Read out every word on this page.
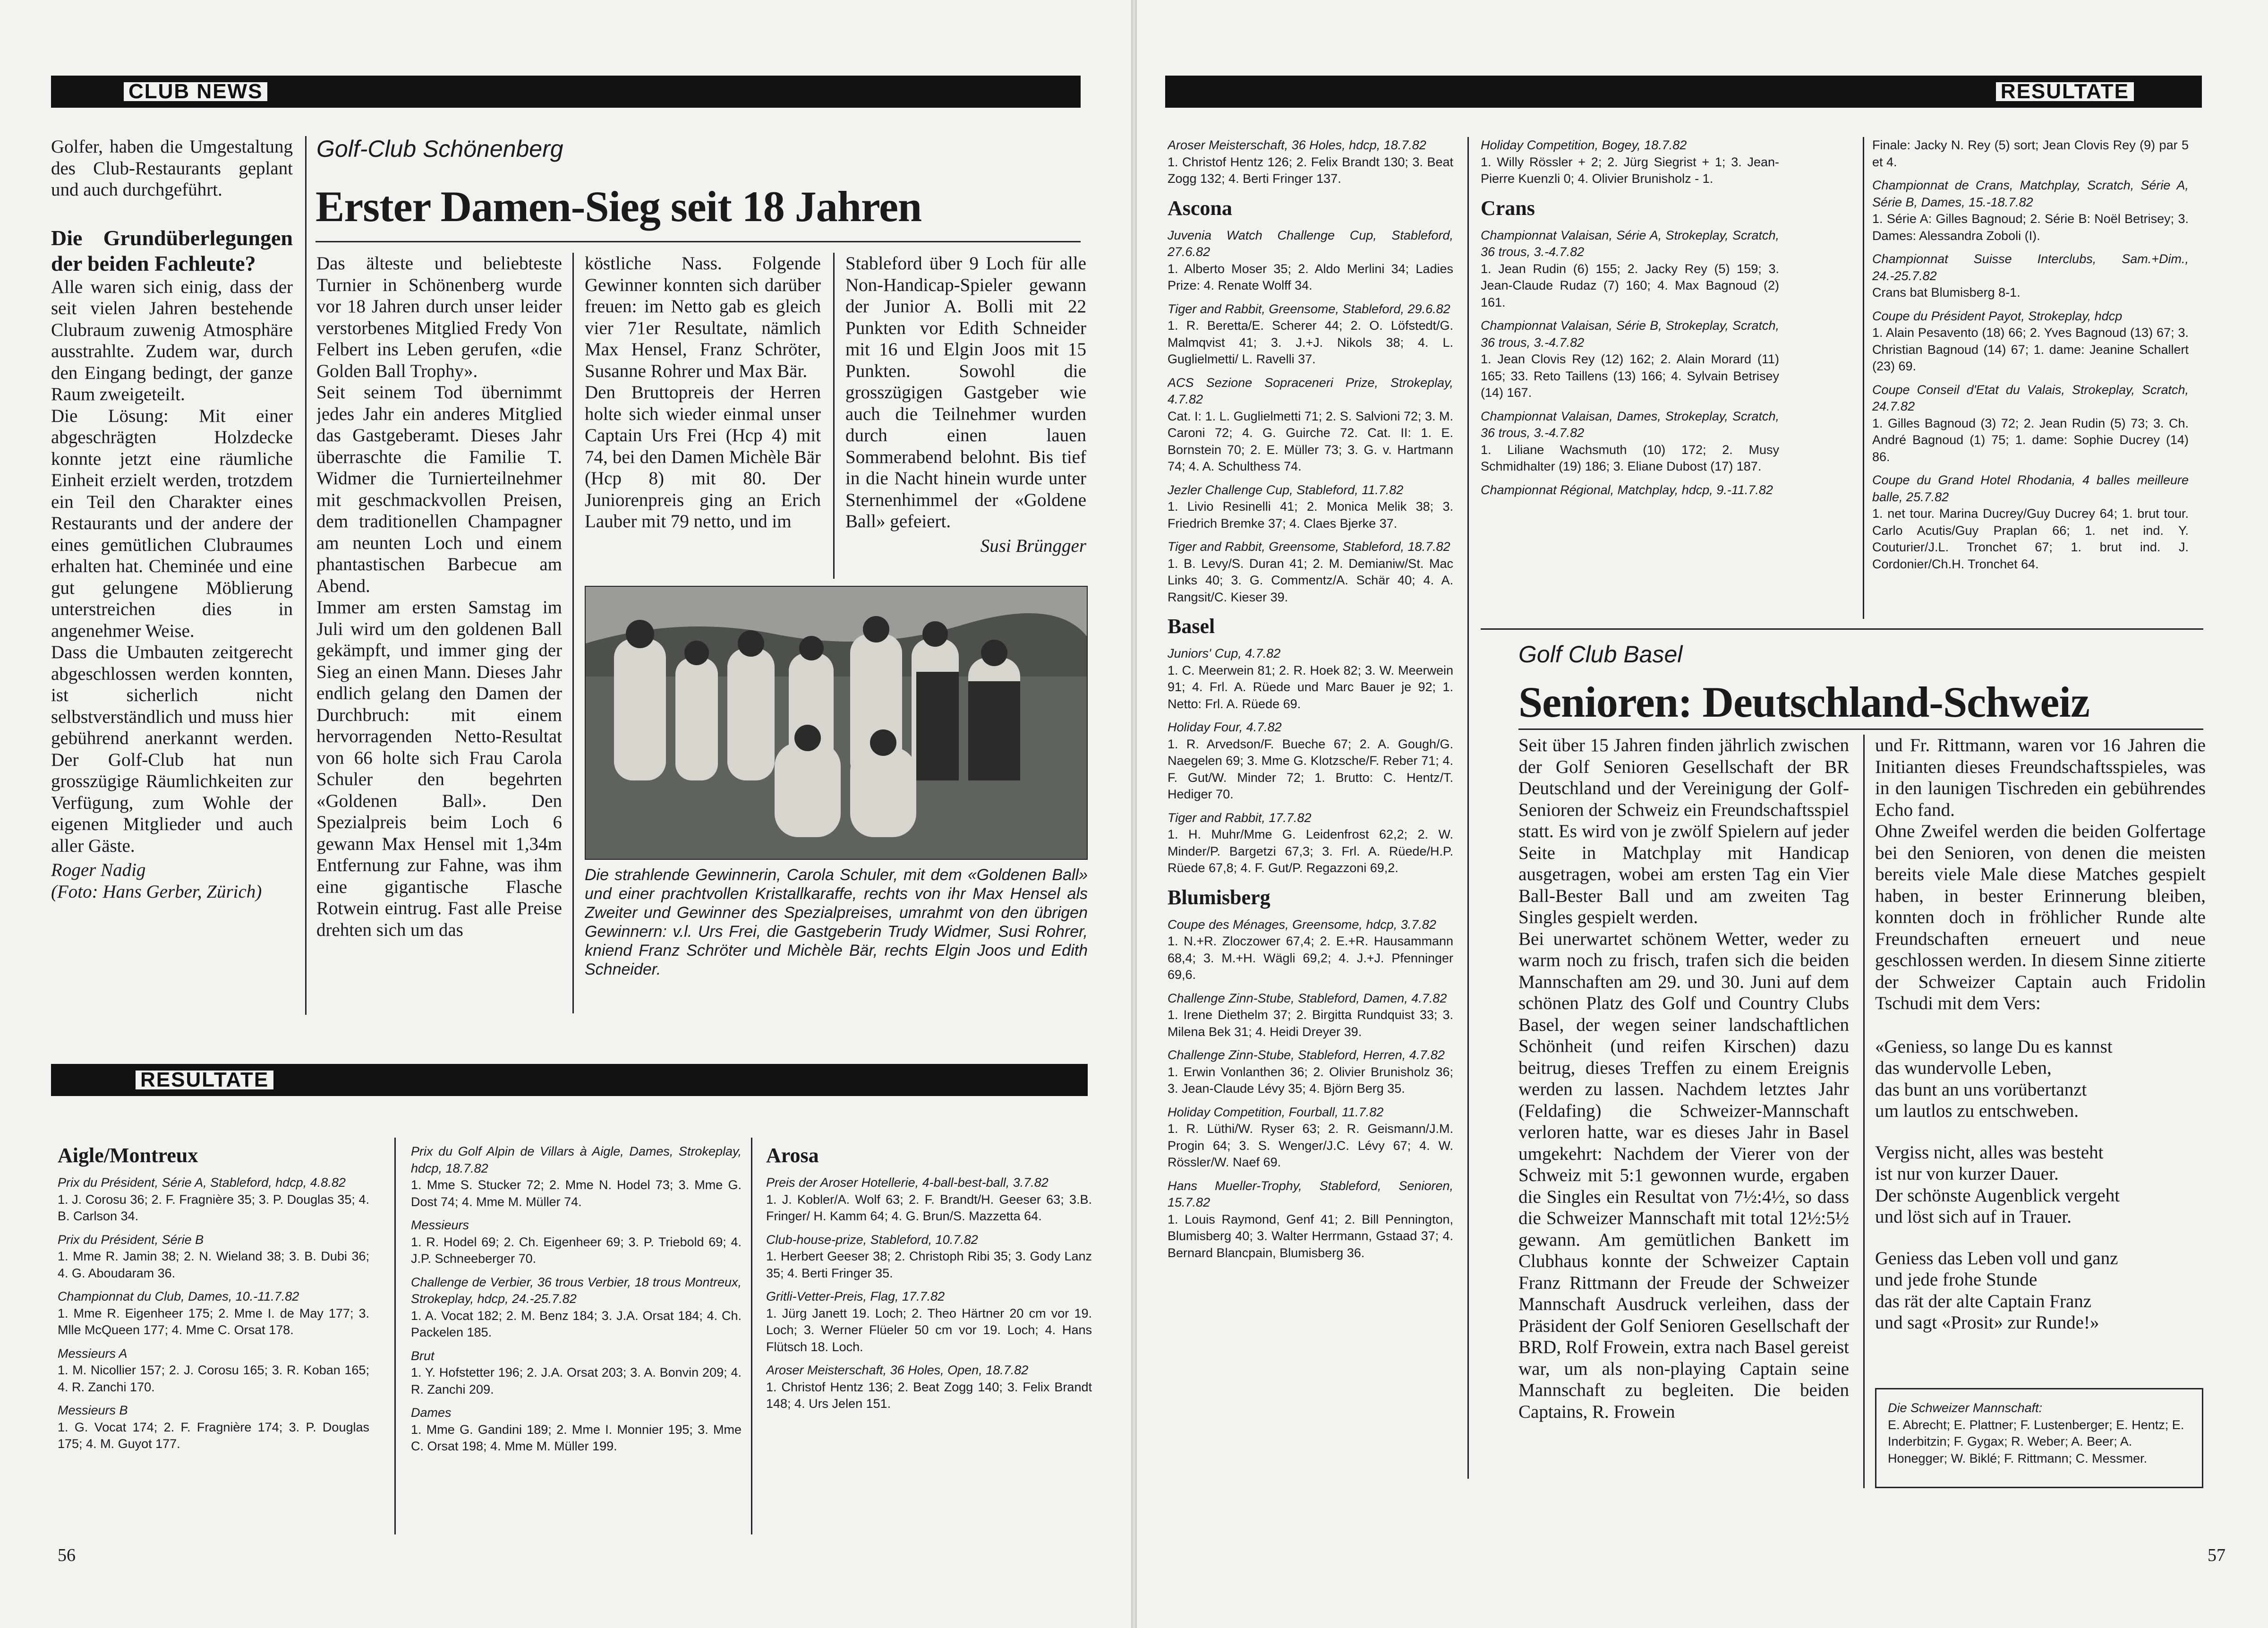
CLUB NEWS

Golfer, haben die Umgestaltung des Club-Restaurants geplant und auch durchgeführt.

Die Grundüberlegungen der beiden Fachleute?
Alle waren sich einig, dass der seit vielen Jahren bestehende Clubraum zuwenig Atmosphäre ausstrahlte. Zudem war, durch den Eingang bedingt, der ganze Raum zweigeteilt.
Die Lösung: Mit einer abgeschrägten Holzdecke konnte jetzt eine räumliche Einheit erzielt werden, trotzdem ein Teil den Charakter eines Restaurants und der andere der eines gemütlichen Clubraumes erhalten hat. Cheminée und eine gut gelungene Möblierung unterstreichen dies in angenehmer Weise.
Dass die Umbauten zeitgerecht abgeschlossen werden konnten, ist sicherlich nicht selbstverständlich und muss hier gebührend anerkannt werden. Der Golf-Club hat nun grosszügige Räumlichkeiten zur Verfügung, zum Wohle der eigenen Mitglieder und auch aller Gäste.
Roger Nadig
(Foto: Hans Gerber, Zürich)
Golf-Club Schönenberg
Erster Damen-Sieg seit 18 Jahren
Das älteste und beliebteste Turnier in Schönenberg wurde vor 18 Jahren durch unser leider verstorbenes Mitglied Fredy Von Felbert ins Leben gerufen, «die Golden Ball Trophy».
Seit seinem Tod übernimmt jedes Jahr ein anderes Mitglied das Gastgeberamt. Dieses Jahr überraschte die Familie T. Widmer die Turnierteilnehmer mit geschmackvollen Preisen, dem traditionellen Champagner am neunten Loch und einem phantastischen Barbecue am Abend.
Immer am ersten Samstag im Juli wird um den goldenen Ball gekämpft, und immer ging der Sieg an einen Mann. Dieses Jahr endlich gelang den Damen der Durchbruch: mit einem hervorragenden Netto-Resultat von 66 holte sich Frau Carola Schuler den begehrten «Goldenen Ball». Den Spezialpreis beim Loch 6 gewann Max Hensel mit 1,34m Entfernung zur Fahne, was ihm eine gigantische Flasche Rotwein eintrug. Fast alle Preise drehten sich um das
köstliche Nass. Folgende Gewinner konnten sich darüber freuen: im Netto gab es gleich vier 71er Resultate, nämlich Max Hensel, Franz Schröter, Susanne Rohrer und Max Bär.
Den Bruttopreis der Herren holte sich wieder einmal unser Captain Urs Frei (Hcp 4) mit 74, bei den Damen Michèle Bär (Hcp 8) mit 80. Der Juniorenpreis ging an Erich Lauber mit 79 netto, und im
Stableford über 9 Loch für alle Non-Handicap-Spieler gewann der Junior A. Bolli mit 22 Punkten vor Edith Schneider mit 16 und Elgin Joos mit 15 Punkten. Sowohl die grosszügigen Gastgeber wie auch die Teilnehmer wurden durch einen lauen Sommerabend belohnt. Bis tief in die Nacht hinein wurde unter Sternenhimmel der «Goldene Ball» gefeiert.
Susi Brüngger
Die strahlende Gewinnerin, Carola Schuler, mit dem «Goldenen Ball» und einer prachtvollen Kristallkaraffe, rechts von ihr Max Hensel als Zweiter und Gewinner des Spezialpreises, umrahmt von den übrigen Gewinnern: v.l. Urs Frei, die Gastgeberin Trudy Widmer, Susi Rohrer, kniend Franz Schröter und Michèle Bär, rechts Elgin Joos und Edith Schneider.
RESULTATE
Aigle/Montreux
Prix du Président, Série A, Stableford, hdcp, 4.8.82
1. J. Corosu 36; 2. F. Fragnière 35; 3. P. Douglas 35; 4. B. Carlson 34.
Prix du Président, Série B
1. Mme R. Jamin 38; 2. N. Wieland 38; 3. B. Dubi 36; 4. G. Aboudaram 36.
Championnat du Club, Dames, 10.-11.7.82
1. Mme R. Eigenheer 175; 2. Mme I. de May 177; 3. Mlle McQueen 177; 4. Mme C. Orsat 178.
Messieurs A
1. M. Nicollier 157; 2. J. Corosu 165; 3. R. Koban 165; 4. R. Zanchi 170.
Messieurs B
1. G. Vocat 174; 2. F. Fragnière 174; 3. P. Douglas 175; 4. M. Guyot 177.
Prix du Golf Alpin de Villars à Aigle, Dames, Strokeplay, hdcp, 18.7.82
1. Mme S. Stucker 72; 2. Mme N. Hodel 73; 3. Mme G. Dost 74; 4. Mme M. Müller 74.
Messieurs
1. R. Hodel 69; 2. Ch. Eigenheer 69; 3. P. Triebold 69; 4. J.P. Schneeberger 70.
Challenge de Verbier, 36 trous Verbier, 18 trous Montreux, Strokeplay, hdcp, 24.-25.7.82
1. A. Vocat 182; 2. M. Benz 184; 3. J.A. Orsat 184; 4. Ch. Packelen 185.
Brut
1. Y. Hofstetter 196; 2. J.A. Orsat 203; 3. A. Bonvin 209; 4. R. Zanchi 209.
Dames
1. Mme G. Gandini 189; 2. Mme I. Monnier 195; 3. Mme C. Orsat 198; 4. Mme M. Müller 199.
Arosa
Preis der Aroser Hotellerie, 4-ball-best-ball, 3.7.82
1. J. Kobler/A. Wolf 63; 2. F. Brandt/H. Geeser 63; 3.B. Fringer/ H. Kamm 64; 4. G. Brun/S. Mazzetta 64.
Club-house-prize, Stableford, 10.7.82
1. Herbert Geeser 38; 2. Christoph Ribi 35; 3. Gody Lanz 35; 4. Berti Fringer 35.
Gritli-Vetter-Preis, Flag, 17.7.82
1. Jürg Janett 19. Loch; 2. Theo Härtner 20 cm vor 19. Loch; 3. Werner Flüeler 50 cm vor 19. Loch; 4. Hans Flütsch 18. Loch.
Aroser Meisterschaft, 36 Holes, Open, 18.7.82
1. Christof Hentz 136; 2. Beat Zogg 140; 3. Felix Brandt 148; 4. Urs Jelen 151.
56
RESULTATE
Aroser Meisterschaft, 36 Holes, hdcp, 18.7.82
1. Christof Hentz 126; 2. Felix Brandt 130; 3. Beat Zogg 132; 4. Berti Fringer 137.
Ascona
Juvenia Watch Challenge Cup, Stableford, 27.6.82
1. Alberto Moser 35; 2. Aldo Merlini 34; Ladies Prize: 4. Renate Wolff 34.
Tiger and Rabbit, Greensome, Stableford, 29.6.82
1. R. Beretta/E. Scherer 44; 2. O. Löfstedt/G. Malmqvist 41; 3. J.+J. Nikols 38; 4. L. Guglielmetti/ L. Ravelli 37.
ACS Sezione Sopraceneri Prize, Strokeplay, 4.7.82
Cat. I: 1. L. Guglielmetti 71; 2. S. Salvioni 72; 3. M. Caroni 72; 4. G. Guirche 72. Cat. II: 1. E. Bornstein 70; 2. E. Müller 73; 3. G. v. Hartmann 74; 4. A. Schulthess 74.
Jezler Challenge Cup, Stableford, 11.7.82
1. Livio Resinelli 41; 2. Monica Melik 38; 3. Friedrich Bremke 37; 4. Claes Bjerke 37.
Tiger and Rabbit, Greensome, Stableford, 18.7.82
1. B. Levy/S. Duran 41; 2. M. Demianiw/St. Mac Links 40; 3. G. Commentz/A. Schär 40; 4. A. Rangsit/C. Kieser 39.
Basel
Juniors' Cup, 4.7.82
1. C. Meerwein 81; 2. R. Hoek 82; 3. W. Meerwein 91; 4. Frl. A. Rüede und Marc Bauer je 92; 1. Netto: Frl. A. Rüede 69.
Holiday Four, 4.7.82
1. R. Arvedson/F. Bueche 67; 2. A. Gough/G. Naegelen 69; 3. Mme G. Klotzsche/F. Reber 71; 4. F. Gut/W. Minder 72; 1. Brutto: C. Hentz/T. Hediger 70.
Tiger and Rabbit, 17.7.82
1. H. Muhr/Mme G. Leidenfrost 62,2; 2. W. Minder/P. Bargetzi 67,3; 3. Frl. A. Rüede/H.P. Rüede 67,8; 4. F. Gut/P. Regazzoni 69,2.
Blumisberg
Coupe des Ménages, Greensome, hdcp, 3.7.82
1. N.+R. Zloczower 67,4; 2. E.+R. Hausammann 68,4; 3. M.+H. Wägli 69,2; 4. J.+J. Pfenninger 69,6.
Challenge Zinn-Stube, Stableford, Damen, 4.7.82
1. Irene Diethelm 37; 2. Birgitta Rundquist 33; 3. Milena Bek 31; 4. Heidi Dreyer 39.
Challenge Zinn-Stube, Stableford, Herren, 4.7.82
1. Erwin Vonlanthen 36; 2. Olivier Brunisholz 36; 3. Jean-Claude Lévy 35; 4. Björn Berg 35.
Holiday Competition, Fourball, 11.7.82
1. R. Lüthi/W. Ryser 63; 2. R. Geismann/J.M. Progin 64; 3. S. Wenger/J.C. Lévy 67; 4. W. Rössler/W. Naef 69.
Hans Mueller-Trophy, Stableford, Senioren, 15.7.82
1. Louis Raymond, Genf 41; 2. Bill Pennington, Blumisberg 40; 3. Walter Herrmann, Gstaad 37; 4. Bernard Blancpain, Blumisberg 36.
Holiday Competition, Bogey, 18.7.82
1. Willy Rössler + 2; 2. Jürg Siegrist + 1; 3. Jean-Pierre Kuenzli 0; 4. Olivier Brunisholz - 1.
Crans
Championnat Valaisan, Série A, Strokeplay, Scratch, 36 trous, 3.-4.7.82
1. Jean Rudin (6) 155; 2. Jacky Rey (5) 159; 3. Jean-Claude Rudaz (7) 160; 4. Max Bagnoud (2) 161.
Championnat Valaisan, Série B, Strokeplay, Scratch, 36 trous, 3.-4.7.82
1. Jean Clovis Rey (12) 162; 2. Alain Morard (11) 165; 33. Reto Taillens (13) 166; 4. Sylvain Betrisey (14) 167.
Championnat Valaisan, Dames, Strokeplay, Scratch, 36 trous, 3.-4.7.82
1. Liliane Wachsmuth (10) 172; 2. Musy Schmidhalter (19) 186; 3. Eliane Dubost (17) 187.
Championnat Régional, Matchplay, hdcp, 9.-11.7.82
Finale: Jacky N. Rey (5) sort; Jean Clovis Rey (9) par 5 et 4.
Championnat de Crans, Matchplay, Scratch, Série A, Série B, Dames, 15.-18.7.82
1. Série A: Gilles Bagnoud; 2. Série B: Noël Betrisey; 3. Dames: Alessandra Zoboli (I).
Championnat Suisse Interclubs, Sam.+Dim., 24.-25.7.82
Crans bat Blumisberg 8-1.
Coupe du Président Payot, Strokeplay, hdcp
1. Alain Pesavento (18) 66; 2. Yves Bagnoud (13) 67; 3. Christian Bagnoud (14) 67; 1. dame: Jeanine Schallert (23) 69.
Coupe Conseil d'Etat du Valais, Strokeplay, Scratch, 24.7.82
1. Gilles Bagnoud (3) 72; 2. Jean Rudin (5) 73; 3. Ch. André Bagnoud (1) 75; 1. dame: Sophie Ducrey (14) 86.
Coupe du Grand Hotel Rhodania, 4 balles meilleure balle, 25.7.82
1. net tour. Marina Ducrey/Guy Ducrey 64; 1. brut tour. Carlo Acutis/Guy Praplan 66; 1. net ind. Y. Couturier/J.L. Tronchet 67; 1. brut ind. J. Cordonier/Ch.H. Tronchet 64.
Golf Club Basel
Senioren: Deutschland-Schweiz
Seit über 15 Jahren finden jährlich zwischen der Golf Senioren Gesellschaft der BR Deutschland und der Vereinigung der Golf-Senioren der Schweiz ein Freundschaftsspiel statt. Es wird von je zwölf Spielern auf jeder Seite in Matchplay mit Handicap ausgetragen, wobei am ersten Tag ein Vier Ball-Bester Ball und am zweiten Tag Singles gespielt werden.
Bei unerwartet schönem Wetter, weder zu warm noch zu frisch, trafen sich die beiden Mannschaften am 29. und 30. Juni auf dem schönen Platz des Golf und Country Clubs Basel, der wegen seiner landschaftlichen Schönheit (und reifen Kirschen) dazu beitrug, dieses Treffen zu einem Ereignis werden zu lassen. Nachdem letztes Jahr (Feldafing) die Schweizer-Mannschaft verloren hatte, war es dieses Jahr in Basel umgekehrt: Nachdem der Vierer von der Schweiz mit 5:1 gewonnen wurde, ergaben die Singles ein Resultat von 7½:4½, so dass die Schweizer Mannschaft mit total 12½:5½ gewann. Am gemütlichen Bankett im Clubhaus konnte der Schweizer Captain Franz Rittmann der Freude der Schweizer Mannschaft Ausdruck verleihen, dass der Präsident der Golf Senioren Gesellschaft der BRD, Rolf Frowein, extra nach Basel gereist war, um als non-playing Captain seine Mannschaft zu begleiten. Die beiden Captains, R. Frowein
und Fr. Rittmann, waren vor 16 Jahren die Initianten dieses Freundschaftsspieles, was in den launigen Tischreden ein gebührendes Echo fand.
Ohne Zweifel werden die beiden Golfertage bei den Senioren, von denen die meisten bereits viele Male diese Matches gespielt haben, in bester Erinnerung bleiben, konnten doch in fröhlicher Runde alte Freundschaften erneuert und neue geschlossen werden. In diesem Sinne zitierte der Schweizer Captain auch Fridolin Tschudi mit dem Vers:

«Geniess, so lange Du es kannst
das wundervolle Leben,
das bunt an uns vorübertanzt
um lautlos zu entschweben.

Vergiss nicht, alles was besteht
ist nur von kurzer Dauer.
Der schönste Augenblick vergeht
und löst sich auf in Trauer.

Geniess das Leben voll und ganz
und jede frohe Stunde
das rät der alte Captain Franz
und sagt «Prosit» zur Runde!»

Die Schweizer Mannschaft:
E. Abrecht; E. Plattner; F. Lustenberger; E. Hentz; E. Inderbitzin; F. Gygax; R. Weber; A. Beer; A. Honegger; W. Biklé; F. Rittmann; C. Messmer.
57
